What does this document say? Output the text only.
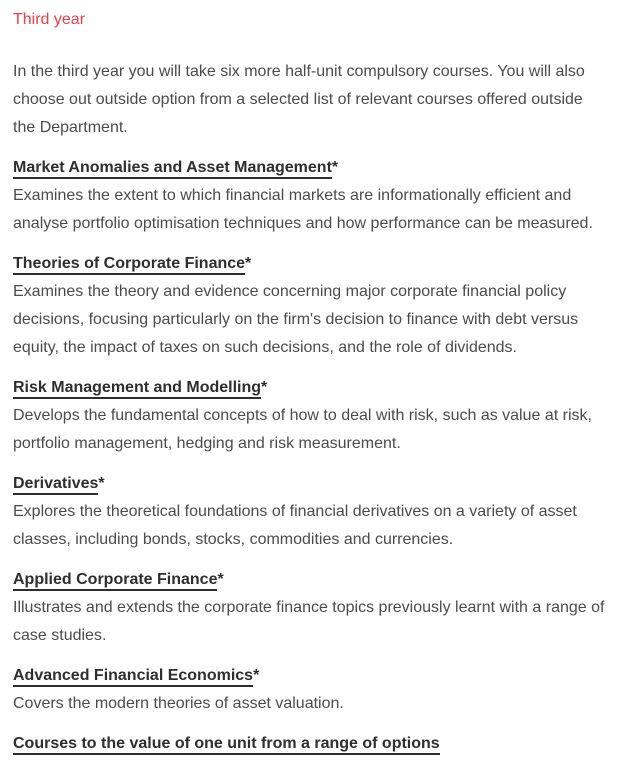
Third year

In the third year you will take six more half-unit compulsory courses. You will also choose out outside option from a selected list of relevant courses offered outside the Department.

Market Anomalies and Asset Management*

Examines the extent to which financial markets are informationally efficient and analyse portfolio optimisation techniques and how performance can be measured.

Theories of Corporate Finance*

Examines the theory and evidence concerning major corporate financial policy decisions, focusing particularly on the firm's decision to finance with debt versus equity, the impact of taxes on such decisions, and the role of dividends.

Risk Management and Modelling*

Develops the fundamental concepts of how to deal with risk, such as value at risk, portfolio management, hedging and risk measurement.

Derivatives*

Explores the theoretical foundations of financial derivatives on a variety of asset classes, including bonds, stocks, commodities and currencies.

Applied Corporate Finance*

Illustrates and extends the corporate finance topics previously learnt with a range of case studies.

Advanced Financial Economics*

Covers the modern theories of asset valuation.

Courses to the value of one unit from a range of options
